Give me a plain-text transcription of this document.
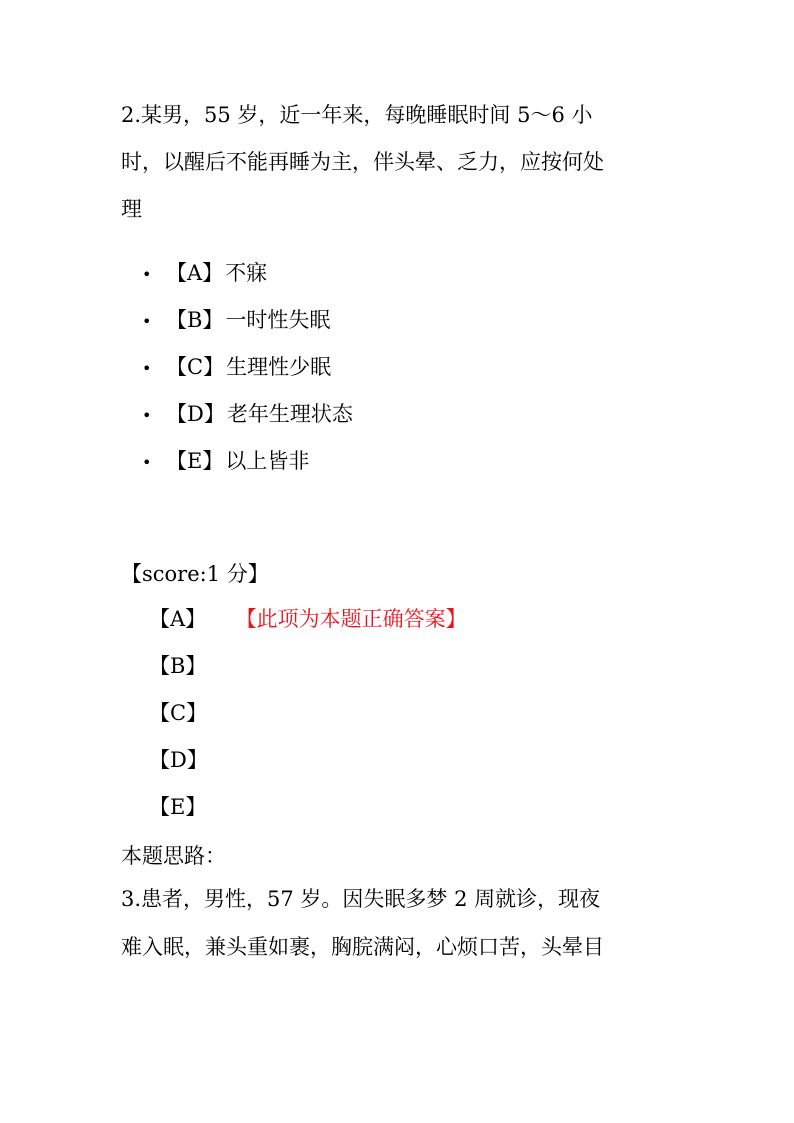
2.某男，55 岁，近一年来，每晚睡眠时间 5～6 小
时，以醒后不能再睡为主，伴头晕、乏力，应按何处
理
• 【A】 不寐
• 【B】 一时性失眠
• 【C】 生理性少眠
• 【D】 老年生理状态
• 【E】 以上皆非
【score:1 分】
【A】 【此项为本题正确答案】
【B】
【C】
【D】
【E】
本题思路：
3.患者，男性，57 岁。因失眠多梦 2 周就诊，现夜
难入眠，兼头重如裹，胸脘满闷，心烦口苦，头晕目
